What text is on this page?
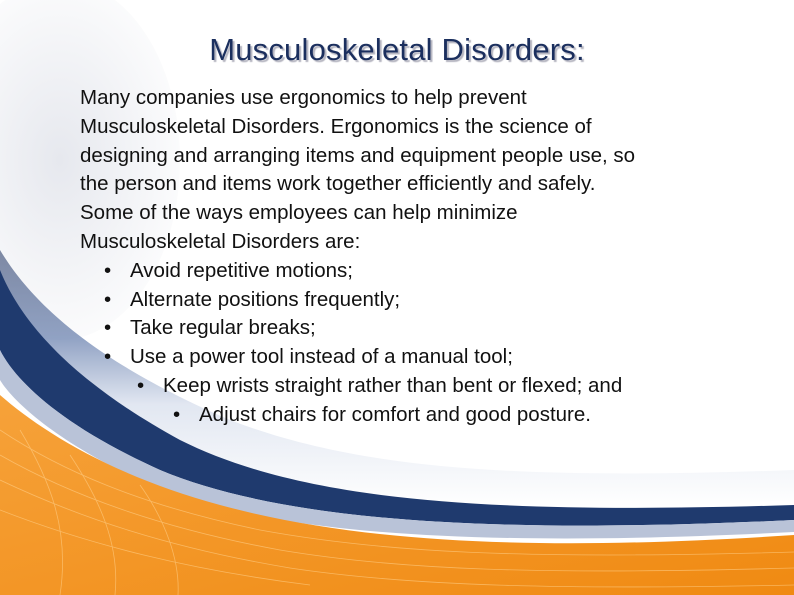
Musculoskeletal Disorders:

Many companies use ergonomics to help prevent
Musculoskeletal Disorders. Ergonomics is the science of
designing and arranging items and equipment people use, so
the person and items work together efficiently and safely.
Some of the ways employees can help minimize
Musculoskeletal Disorders are:

• Avoid repetitive motions;
• Alternate positions frequently;
• Take regular breaks;
• Use a power tool instead of a manual tool;
• Keep wrists straight rather than bent or flexed; and
• Adjust chairs for comfort and good posture.
